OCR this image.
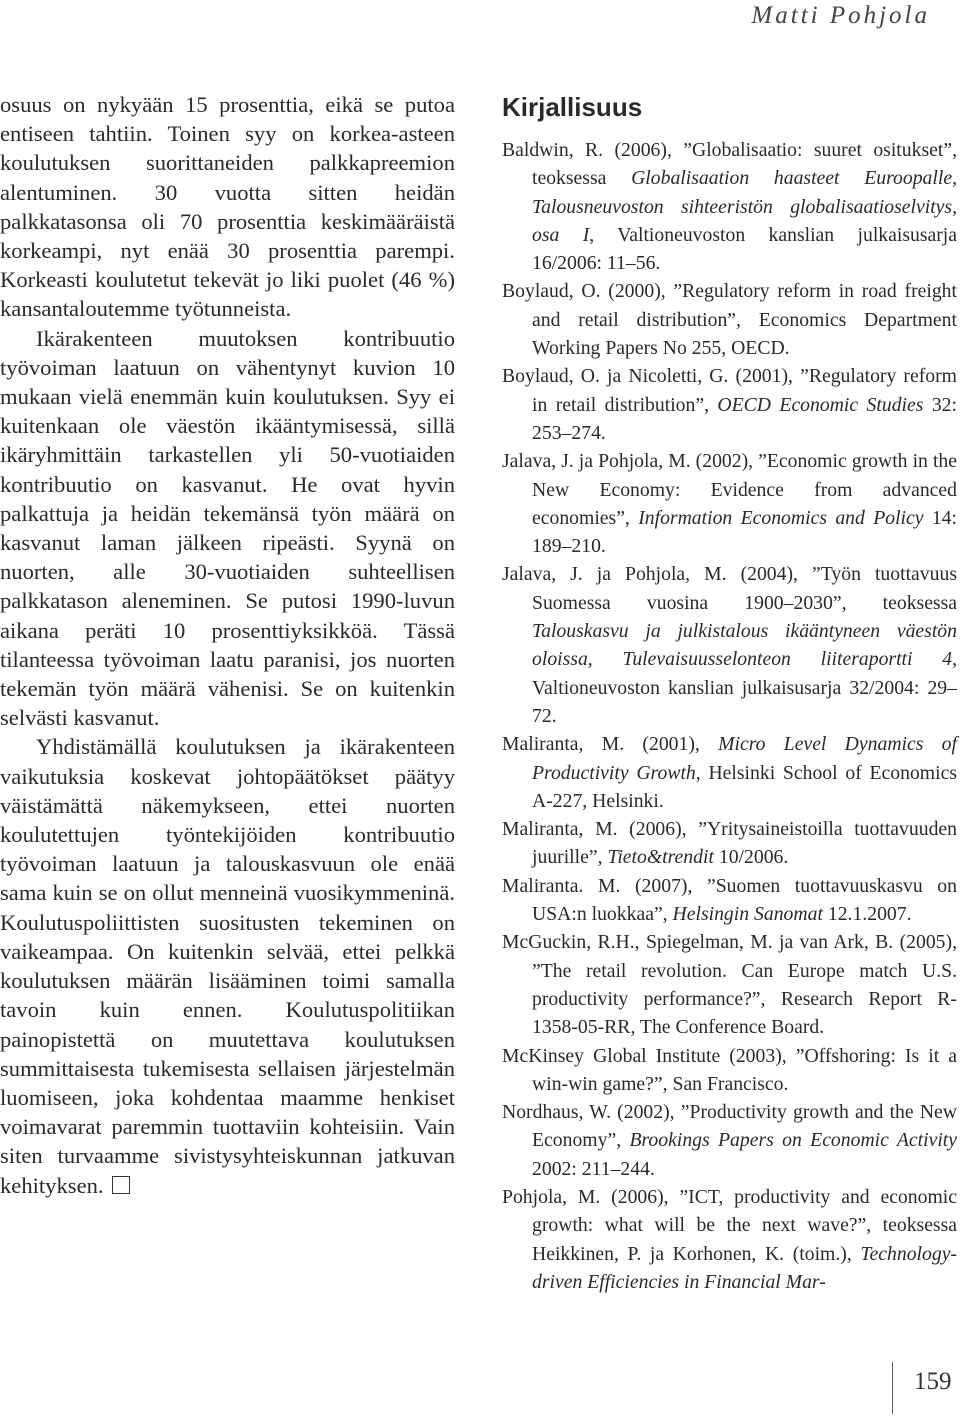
Matti Pohjola

osuus on nykyään 15 prosenttia, eikä se putoa entiseen tahtiin. Toinen syy on korkea-asteen koulutuksen suorittaneiden palkkapreemion alentuminen. 30 vuotta sitten heidän palkkatasonsa oli 70 prosenttia keskimääräistä korkeampi, nyt enää 30 prosenttia parempi. Korkeasti koulutetut tekevät jo liki puolet (46 %) kansantaloutemme työtunneista.

Ikärakenteen muutoksen kontribuutio työvoiman laatuun on vähentynyt kuvion 10 mukaan vielä enemmän kuin koulutuksen. Syy ei kuitenkaan ole väestön ikääntymisessä, sillä ikäryhmittäin tarkastellen yli 50-vuotiaiden kontribuutio on kasvanut. He ovat hyvin palkattuja ja heidän tekemänsä työn määrä on kasvanut laman jälkeen ripeästi. Syynä on nuorten, alle 30-vuotiaiden suhteellisen palkkatason aleneminen. Se putosi 1990-luvun aikana peräti 10 prosenttiyksikköä. Tässä tilanteessa työvoiman laatu paranisi, jos nuorten tekemän työn määrä vähenisi. Se on kuitenkin selvästi kasvanut.

Yhdistämällä koulutuksen ja ikärakenteen vaikutuksia koskevat johtopäätökset päätyy väistämättä näkemykseen, ettei nuorten koulutettujen työntekijöiden kontribuutio työvoiman laatuun ja talouskasvuun ole enää sama kuin se on ollut menneinä vuosikymmeninä. Koulutuspoliittisten suositusten tekeminen on vaikeampaa. On kuitenkin selvää, ettei pelkkä koulutuksen määrän lisääminen toimi samalla tavoin kuin ennen. Koulutuspolitiikan painopistettä on muutettava koulutuksen summittaisesta tukemisesta sellaisen järjestelmän luomiseen, joka kohdentaa maamme henkiset voimavarat paremmin tuottaviin kohteisiin. Vain siten turvaamme sivistysyhteiskunnan jatkuvan kehityksen.

Kirjallisuus
Baldwin, R. (2006), ”Globalisaatio: suuret ositukset”, teoksessa Globalisaation haasteet Euroopalle, Talousneuvoston sihteeristön globalisaatioselvitys, osa I, Valtioneuvoston kanslian julkaisusarja 16/2006: 11–56.
Boylaud, O. (2000), ”Regulatory reform in road freight and retail distribution”, Economics Department Working Papers No 255, OECD.
Boylaud, O. ja Nicoletti, G. (2001), ”Regulatory reform in retail distribution”, OECD Economic Studies 32: 253–274.
Jalava, J. ja Pohjola, M. (2002), ”Economic growth in the New Economy: Evidence from advanced economies”, Information Economics and Policy 14: 189–210.
Jalava, J. ja Pohjola, M. (2004), ”Työn tuottavuus Suomessa vuosina 1900–2030”, teoksessa Talouskasvu ja julkistalous ikääntyneen väestön oloissa, Tulevaisuusselonteon liiteraportti 4, Valtioneuvoston kanslian julkaisusarja 32/2004: 29–72.
Maliranta, M. (2001), Micro Level Dynamics of Productivity Growth, Helsinki School of Economics A-227, Helsinki.
Maliranta, M. (2006), ”Yritysaineistoilla tuottavuuden juurille”, Tieto&trendit 10/2006.
Maliranta. M. (2007), ”Suomen tuottavuuskasvu on USA:n luokkaa”, Helsingin Sanomat 12.1.2007.
McGuckin, R.H., Spiegelman, M. ja van Ark, B. (2005), ”The retail revolution. Can Europe match U.S. productivity performance?”, Research Report R-1358-05-RR, The Conference Board.
McKinsey Global Institute (2003), ”Offshoring: Is it a win-win game?”, San Francisco.
Nordhaus, W. (2002), ”Productivity growth and the New Economy”, Brookings Papers on Economic Activity 2002: 211–244.
Pohjola, M. (2006), ”ICT, productivity and economic growth: what will be the next wave?”, teoksessa Heikkinen, P. ja Korhonen, K. (toim.), Technology-driven Efficiencies in Financial Mar-
159
